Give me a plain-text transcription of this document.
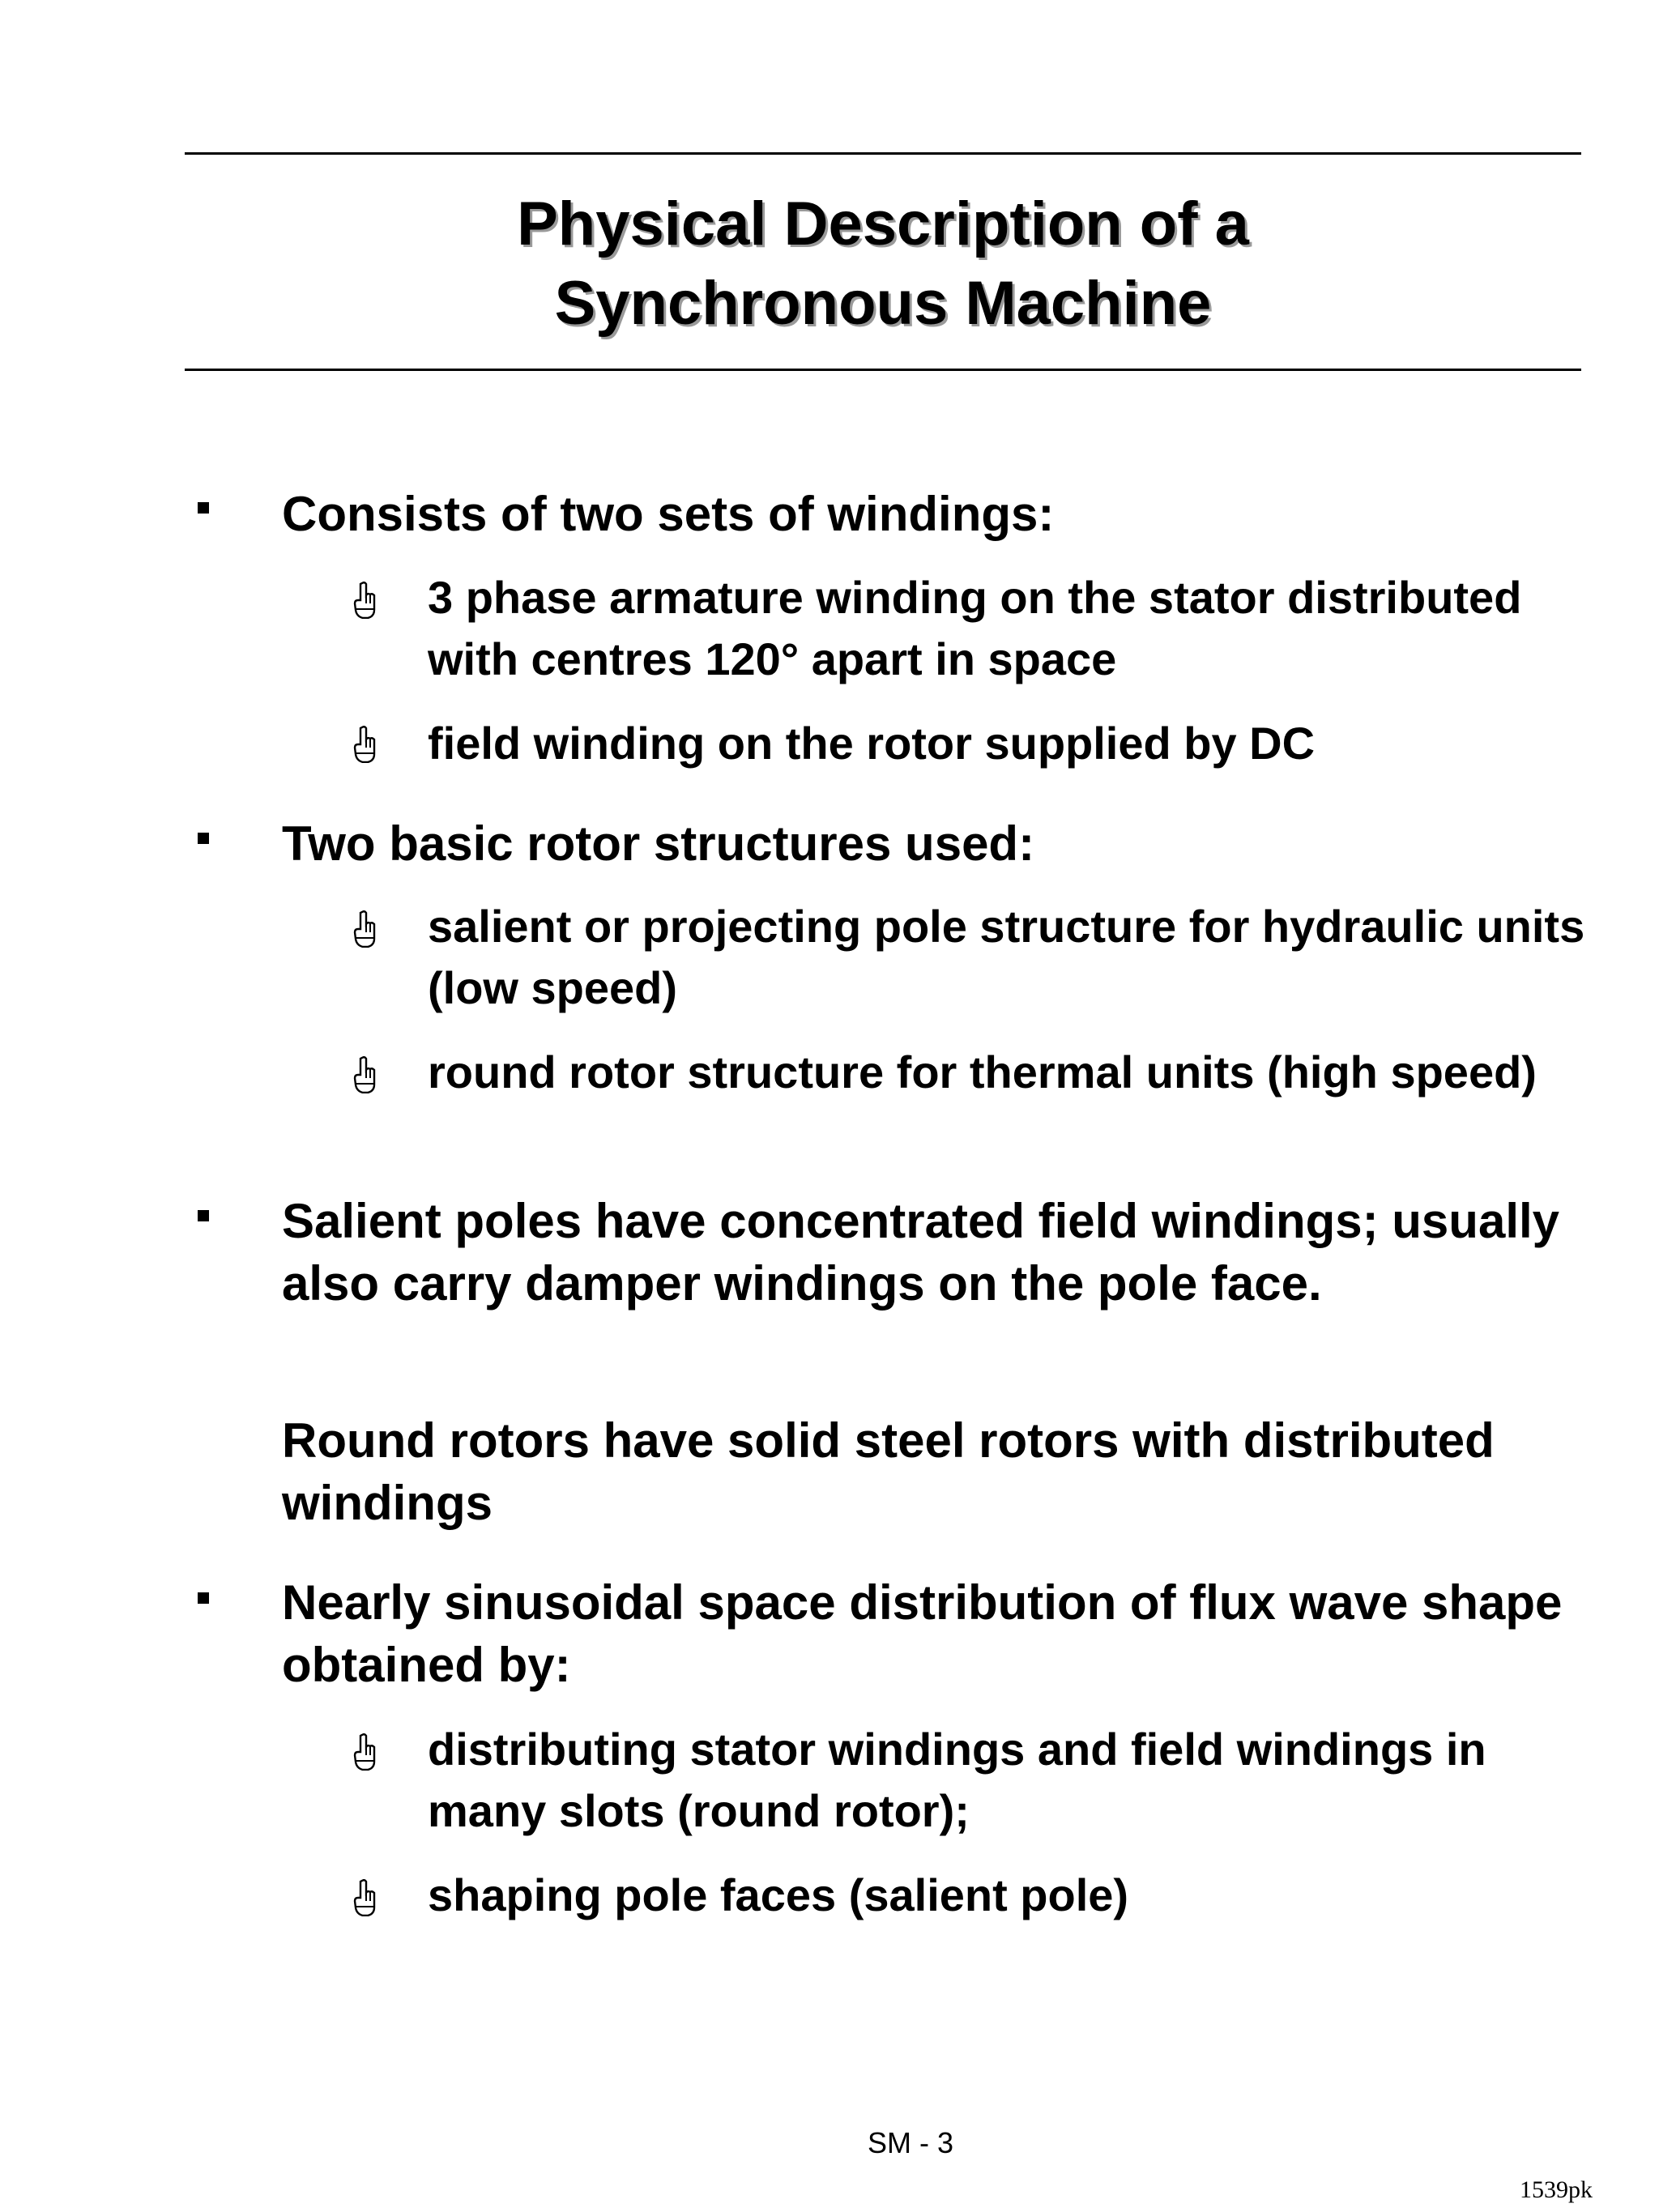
Physical Description of a
Synchronous Machine
Consists of two sets of windings:
3 phase armature winding on the stator distributed with centres 120° apart in space
field winding on the rotor supplied by DC
Two basic rotor structures used:
salient or projecting pole structure for hydraulic units (low speed)
round rotor structure for thermal units (high speed)
Salient poles have concentrated field windings; usually also carry damper windings on the pole face.
Round rotors have solid steel rotors with distributed windings
Nearly sinusoidal space distribution of flux wave shape obtained by:
distributing stator windings and field windings in many slots (round rotor);
shaping pole faces (salient pole)
SM - 3
1539pk
